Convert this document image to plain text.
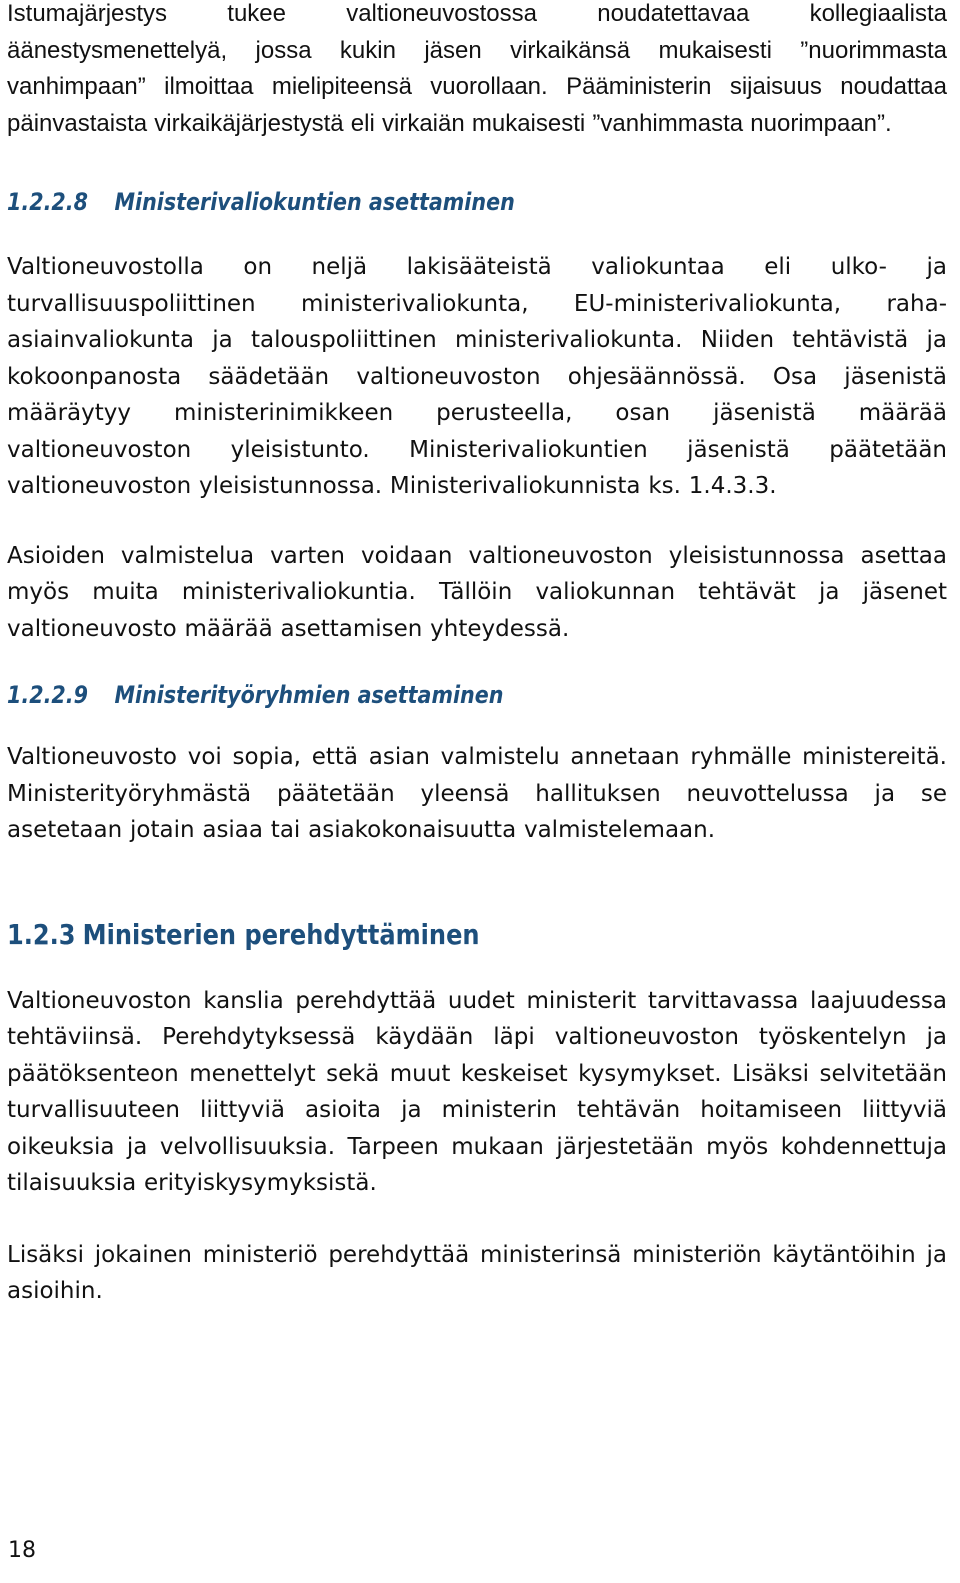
Istumajärjestys tukee valtioneuvostossa noudatettavaa kollegiaalista äänestysmenettelyä, jossa kukin jäsen virkaikänsä mukaisesti ”nuorimmasta vanhimpaan” ilmoittaa mielipiteensä vuorollaan. Pääministerin sijaisuus noudattaa päinvastaista virkaikäjärjestystä eli virkaiän mukaisesti ”vanhimmasta nuorimpaan”.

1.2.2.8 Ministerivaliokuntien asettaminen

Valtioneuvostolla on neljä lakisääteistä valiokuntaa eli ulko- ja turvallisuuspoliittinen ministerivaliokunta, EU-ministerivaliokunta, raha-asiainvaliokunta ja talouspoliittinen ministerivaliokunta. Niiden tehtävistä ja kokoonpanosta säädetään valtioneuvoston ohjesäännössä. Osa jäsenistä määräytyy ministerinimikkeen perusteella, osan jäsenistä määrää valtioneuvoston yleisistunto. Ministerivaliokuntien jäsenistä päätetään valtioneuvoston yleisistunnossa. Ministerivaliokunnista ks. 1.4.3.3.

Asioiden valmistelua varten voidaan valtioneuvoston yleisistunnossa asettaa myös muita ministerivaliokuntia. Tällöin valiokunnan tehtävät ja jäsenet valtioneuvosto määrää asettamisen yhteydessä.

1.2.2.9 Ministerityöryhmien asettaminen

Valtioneuvosto voi sopia, että asian valmistelu annetaan ryhmälle ministereitä. Ministerityöryhmästä päätetään yleensä hallituksen neuvottelussa ja se asetetaan jotain asiaa tai asiakokonaisuutta valmistelemaan.

1.2.3 Ministerien perehdyttäminen

Valtioneuvoston kanslia perehdyttää uudet ministerit tarvittavassa laajuudessa tehtäviinsä. Perehdytyksessä käydään läpi valtioneuvoston työskentelyn ja päätöksenteon menettelyt sekä muut keskeiset kysymykset. Lisäksi selvitetään turvallisuuteen liittyviä asioita ja ministerin tehtävän hoitamiseen liittyviä oikeuksia ja velvollisuuksia. Tarpeen mukaan järjestetään myös kohdennettuja tilaisuuksia erityiskysymyksistä.

Lisäksi jokainen ministeriö perehdyttää ministerinsä ministeriön käytäntöihin ja asioihin.

18
